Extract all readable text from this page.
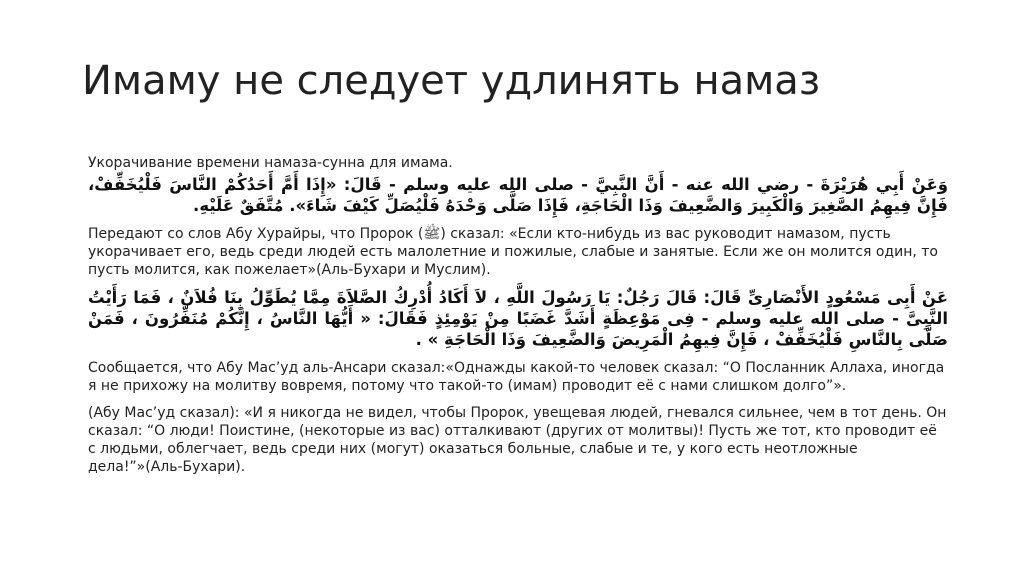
Имаму не следует удлинять намаз

Укорачивание времени намаза-сунна для имама.

وَعَنْ أَبِي هُرَيْرَةَ - رضي الله عنه - أَنَّ النَّبِيَّ - صلى الله عليه وسلم - قَالَ: «إِذَا أَمَّ أَحَدُكُمْ النَّاسَ فَلْيُخَفِّفْ، فَإِنَّ فِيهِمُ الصَّغِيرَ وَالْكَبِيرَ وَالضَّعِيفَ وَذَا الْحَاجَةِ، فَإِذَا صَلَّى وَحْدَهُ فَلْيُصَلِّ كَيْفَ شَاءَ». مُتَّفَقٌ عَلَيْهِ.

Передают со слов Абу Хурайры, что Пророк (ﷺ) сказал: «Если кто-нибудь из вас руководит намазом, пусть укорачивает его, ведь среди людей есть малолетние и пожилые, слабые и занятые. Если же он молится один, то пусть молится, как пожелает»(Аль-Бухари и Муслим).

عَنْ أَبِى مَسْعُودٍ الأَنْصَارِىِّ قَالَ: قَالَ رَجُلٌ: يَا رَسُولَ اللَّهِ ، لاَ أَكَادُ أُدْرِكُ الصَّلاَةَ مِمَّا يُطَوِّلُ بِنَا فُلاَنٌ ، فَمَا رَأَيْتُ النَّبِىَّ - صلى الله عليه وسلم - فِى مَوْعِظَةٍ أَشَدَّ غَضَبًا مِنْ يَوْمِئِذٍ فَقَالَ: « أَيُّهَا النَّاسُ ، إِنَّكُمْ مُنَفِّرُونَ ، فَمَنْ صَلَّى بِالنَّاسِ فَلْيُخَفِّفْ ، فَإِنَّ فِيهِمُ الْمَرِيضَ وَالضَّعِيفَ وَذَا الْحَاجَةِ » .

Сообщается, что Абу Мас’уд аль-Ансари сказал:«Однажды какой-то человек сказал: “О Посланник Аллаха, иногда я не прихожу на молитву вовремя, потому что такой-то (имам) проводит её с нами слишком долго”».

(Абу Мас’уд сказал): «И я никогда не видел, чтобы Пророк, увещевая людей, гневался сильнее, чем в тот день. Он сказал: “О люди! Поистине, (некоторые из вас) отталкивают (других от молитвы)! Пусть же тот, кто проводит её с людьми, облегчает, ведь среди них (могут) оказаться больные, слабые и те, у кого есть неотложные дела!”»(Аль-Бухари).
